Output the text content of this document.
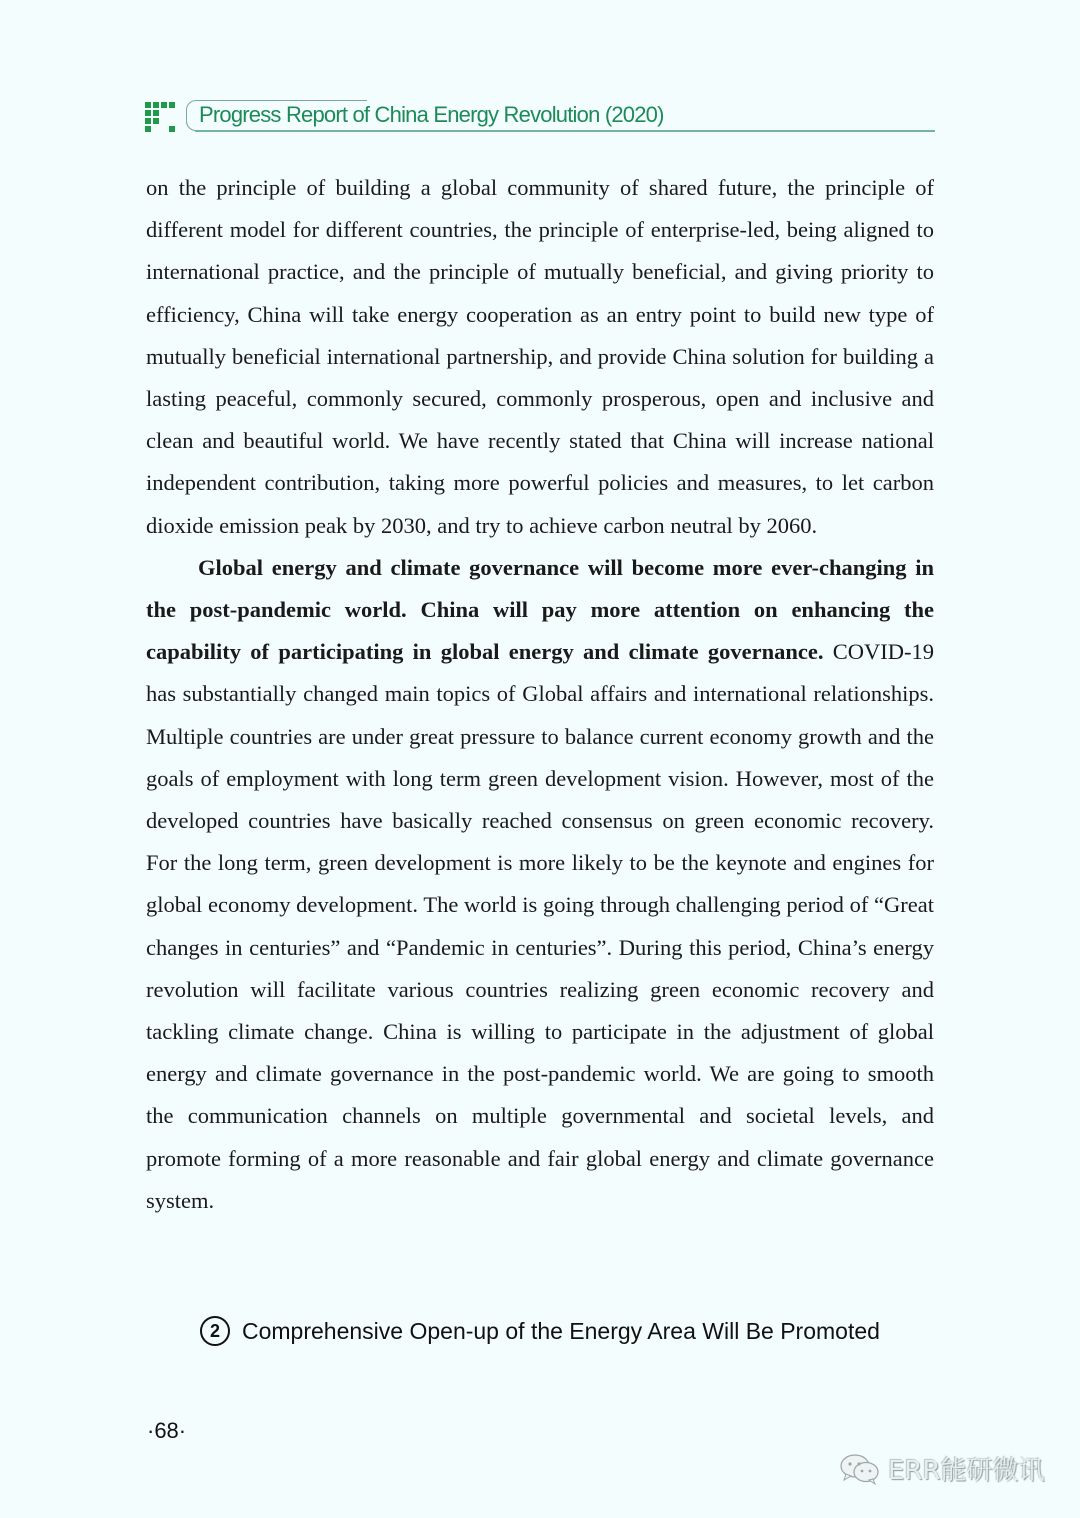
Progress Report of China Energy Revolution (2020)

on the principle of building a global community of shared future, the principle of different model for different countries, the principle of enterprise-led, being aligned to international practice, and the principle of mutually beneficial, and giving priority to efficiency, China will take energy cooperation as an entry point to build new type of mutually beneficial international partnership, and provide China solution for building a lasting peaceful, commonly secured, commonly prosperous, open and inclusive and clean and beautiful world. We have recently stated that China will increase national independent contribution, taking more powerful policies and measures, to let carbon dioxide emission peak by 2030, and try to achieve carbon neutral by 2060.

Global energy and climate governance will become more ever-changing in the post-pandemic world. China will pay more attention on enhancing the capability of participating in global energy and climate governance. COVID-19 has substantially changed main topics of Global affairs and international relationships. Multiple countries are under great pressure to balance current economy growth and the goals of employment with long term green development vision. However, most of the developed countries have basically reached consensus on green economic recovery. For the long term, green development is more likely to be the keynote and engines for global economy development. The world is going through challenging period of “Great changes in centuries” and “Pandemic in centuries”. During this period, China’s energy revolution will facilitate various countries realizing green economic recovery and tackling climate change. China is willing to participate in the adjustment of global energy and climate governance in the post-pandemic world. We are going to smooth the communication channels on multiple governmental and societal levels, and promote forming of a more reasonable and fair global energy and climate governance system.

2 Comprehensive Open-up of the Energy Area Will Be Promoted
·68·
ERR能研微讯
